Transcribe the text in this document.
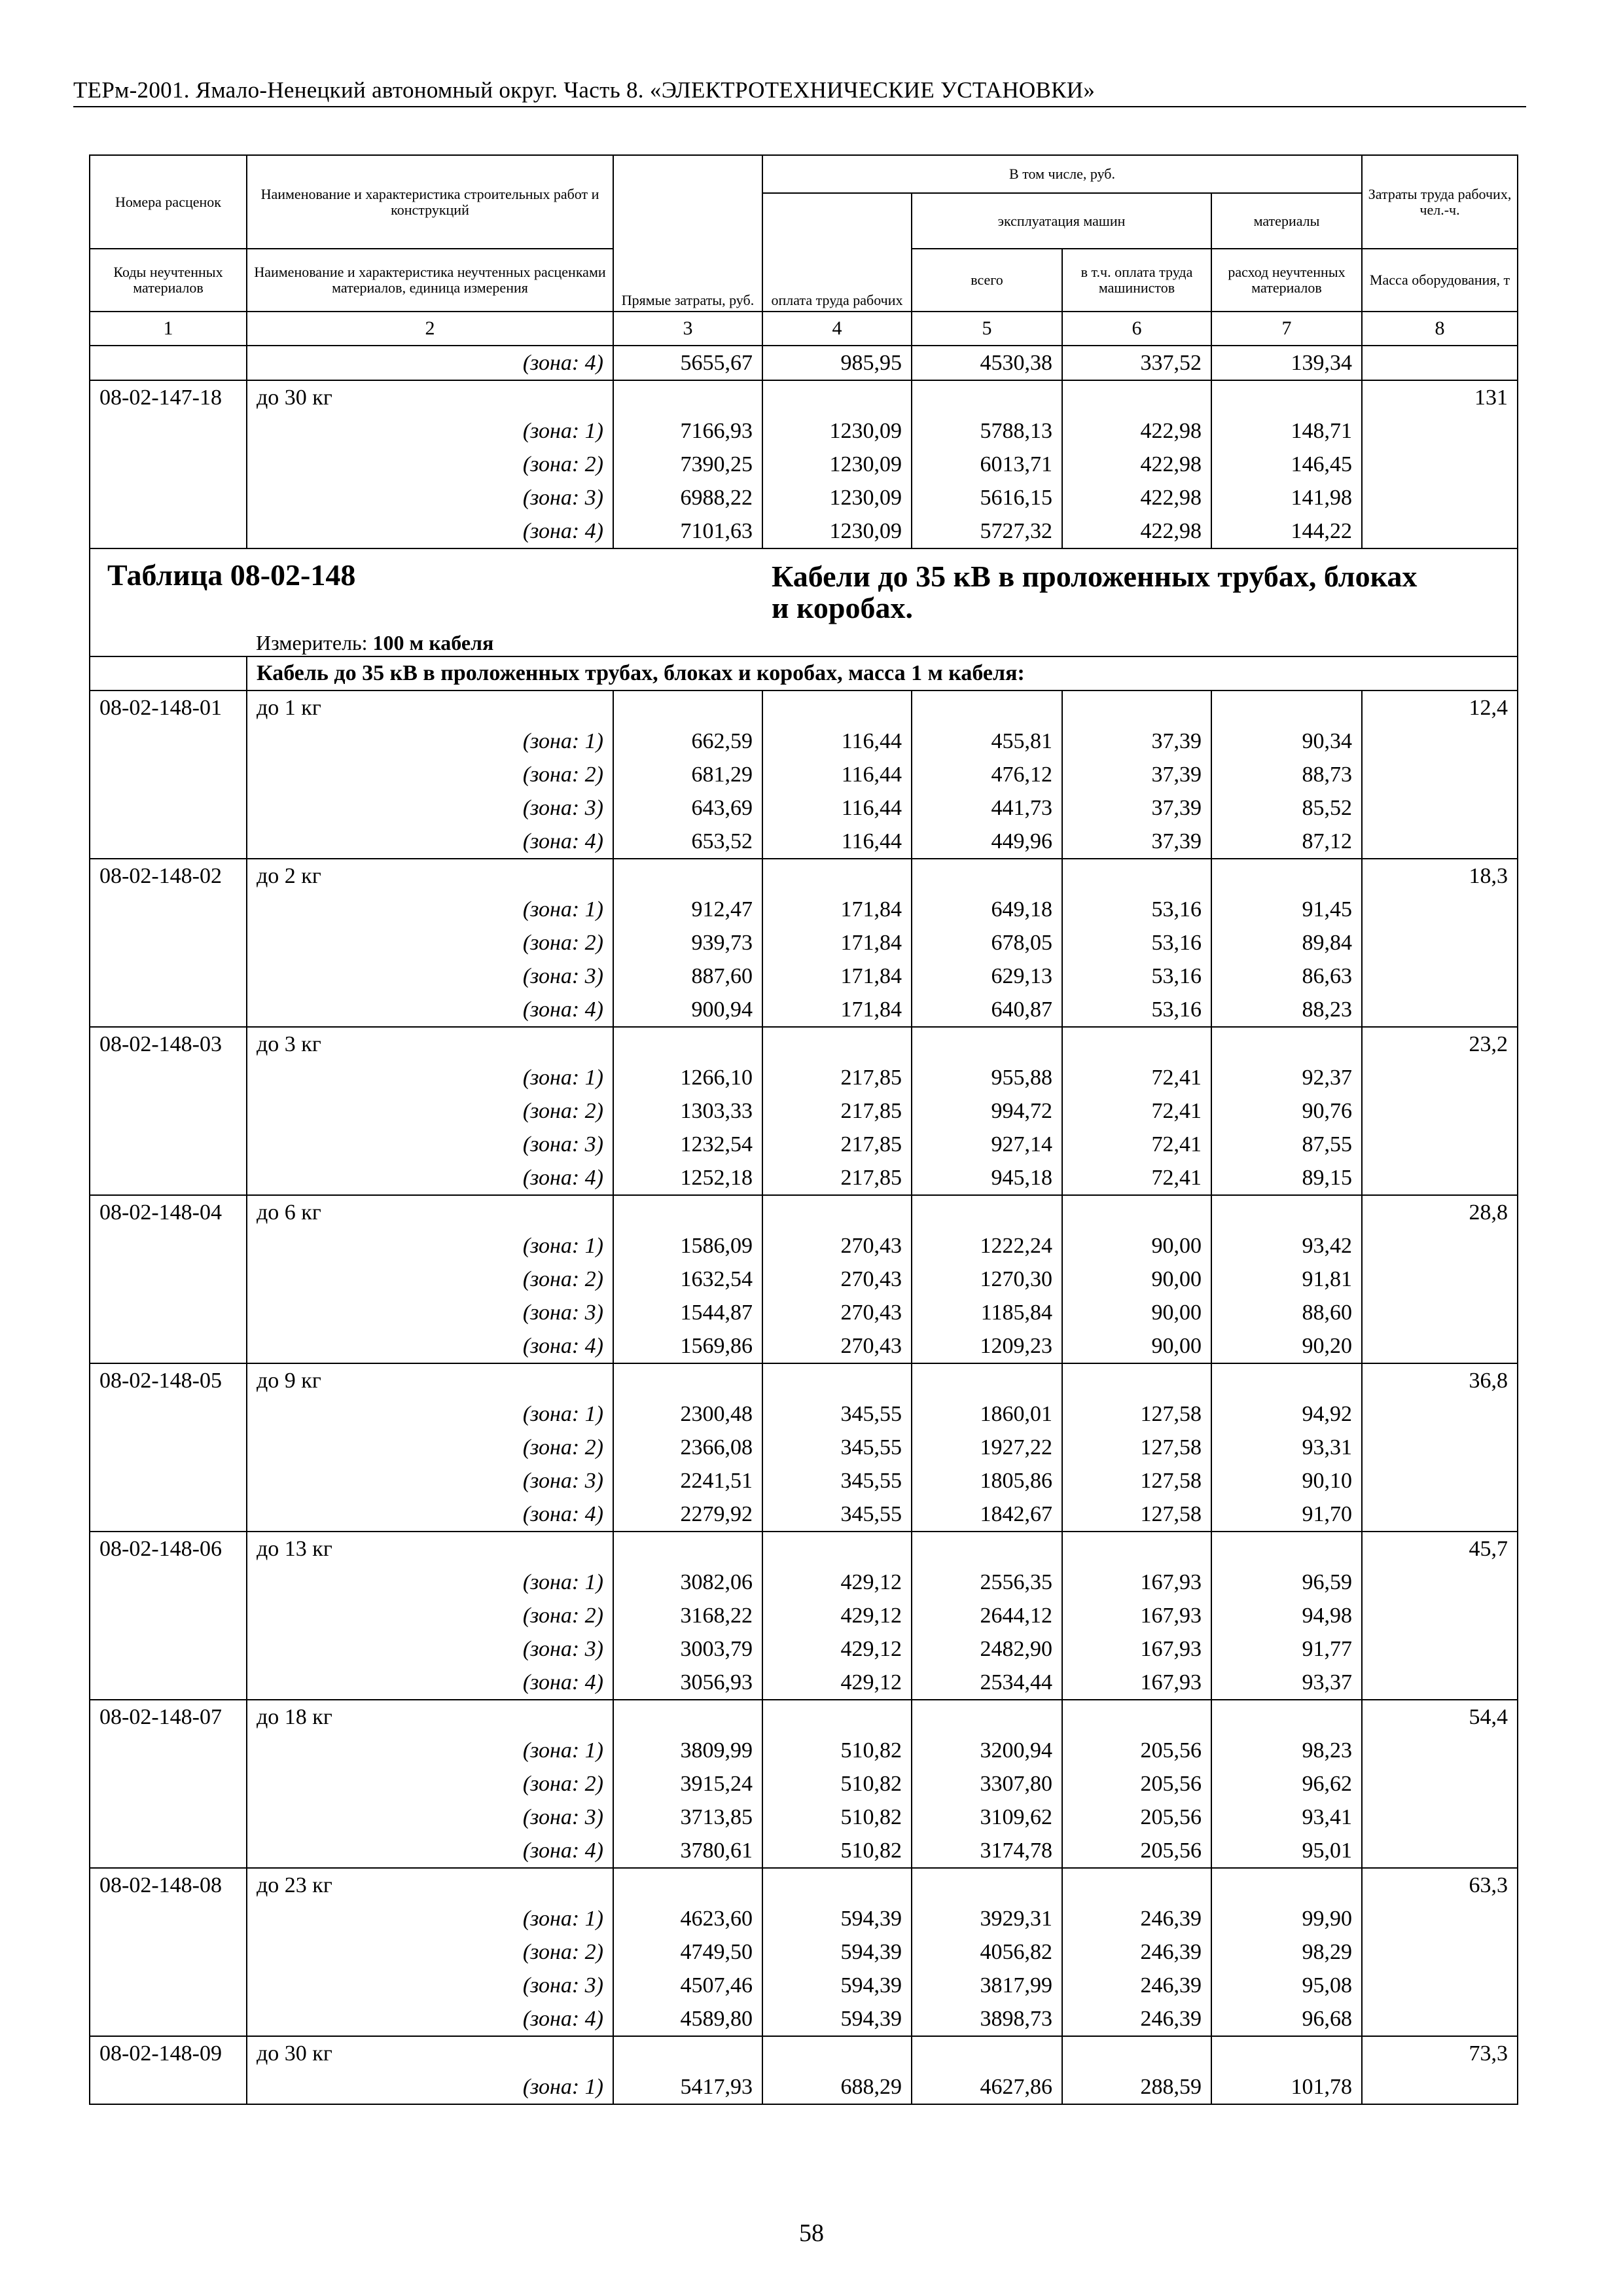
ТЕРм-2001. Ямало-Ненецкий автономный округ. Часть 8. «ЭЛЕКТРОТЕХНИЧЕСКИЕ УСТАНОВКИ»
Номера расценок	Наименование и характеристика строительных работ и конструкций	Прямые затраты, руб.	В том числе, руб.				Затраты труда рабочих, чел.-ч.
			оплата труда рабочих	эксплуатация машин		материалы	
Коды неучтенных материалов	Наименование и характеристика неучтенных расценками материалов, единица измерения			всего	в т.ч. оплата труда машинистов	расход неучтенных материалов	Масса оборудования, т
1	2	3	4	5	6	7	8
	(зона: 4)	5655,67	985,95	4530,38	337,52	139,34	
08-02-147-18	до 30 кг						131
	(зона: 1)	7166,93	1230,09	5788,13	422,98	148,71	
	(зона: 2)	7390,25	1230,09	6013,71	422,98	146,45	
	(зона: 3)	6988,22	1230,09	5616,15	422,98	141,98	
	(зона: 4)	7101,63	1230,09	5727,32	422,98	144,22	
Таблица 08-02-148			Кабели до 35 кВ в проложенных трубах, блоках и коробах.				

	Измеритель: 100 м кабеля						
	Кабель до 35 кВ в проложенных трубах, блоках и коробах, масса 1 м кабеля:						
08-02-148-01	до 1 кг						12,4
	(зона: 1)	662,59	116,44	455,81	37,39	90,34	
	(зона: 2)	681,29	116,44	476,12	37,39	88,73	
	(зона: 3)	643,69	116,44	441,73	37,39	85,52	
	(зона: 4)	653,52	116,44	449,96	37,39	87,12	
08-02-148-02	до 2 кг						18,3
	(зона: 1)	912,47	171,84	649,18	53,16	91,45	
	(зона: 2)	939,73	171,84	678,05	53,16	89,84	
	(зона: 3)	887,60	171,84	629,13	53,16	86,63	
	(зона: 4)	900,94	171,84	640,87	53,16	88,23	
08-02-148-03	до 3 кг						23,2
	(зона: 1)	1266,10	217,85	955,88	72,41	92,37	
	(зона: 2)	1303,33	217,85	994,72	72,41	90,76	
	(зона: 3)	1232,54	217,85	927,14	72,41	87,55	
	(зона: 4)	1252,18	217,85	945,18	72,41	89,15	
08-02-148-04	до 6 кг						28,8
	(зона: 1)	1586,09	270,43	1222,24	90,00	93,42	
	(зона: 2)	1632,54	270,43	1270,30	90,00	91,81	
	(зона: 3)	1544,87	270,43	1185,84	90,00	88,60	
	(зона: 4)	1569,86	270,43	1209,23	90,00	90,20	
08-02-148-05	до 9 кг						36,8
	(зона: 1)	2300,48	345,55	1860,01	127,58	94,92	
	(зона: 2)	2366,08	345,55	1927,22	127,58	93,31	
	(зона: 3)	2241,51	345,55	1805,86	127,58	90,10	
	(зона: 4)	2279,92	345,55	1842,67	127,58	91,70	
08-02-148-06	до 13 кг						45,7
	(зона: 1)	3082,06	429,12	2556,35	167,93	96,59	
	(зона: 2)	3168,22	429,12	2644,12	167,93	94,98	
	(зона: 3)	3003,79	429,12	2482,90	167,93	91,77	
	(зона: 4)	3056,93	429,12	2534,44	167,93	93,37	
08-02-148-07	до 18 кг						54,4
	(зона: 1)	3809,99	510,82	3200,94	205,56	98,23	
	(зона: 2)	3915,24	510,82	3307,80	205,56	96,62	
	(зона: 3)	3713,85	510,82	3109,62	205,56	93,41	
	(зона: 4)	3780,61	510,82	3174,78	205,56	95,01	
08-02-148-08	до 23 кг						63,3
	(зона: 1)	4623,60	594,39	3929,31	246,39	99,90	
	(зона: 2)	4749,50	594,39	4056,82	246,39	98,29	
	(зона: 3)	4507,46	594,39	3817,99	246,39	95,08	
	(зона: 4)	4589,80	594,39	3898,73	246,39	96,68	
08-02-148-09	до 30 кг						73,3
	(зона: 1)	5417,93	688,29	4627,86	288,59	101,78	
58
